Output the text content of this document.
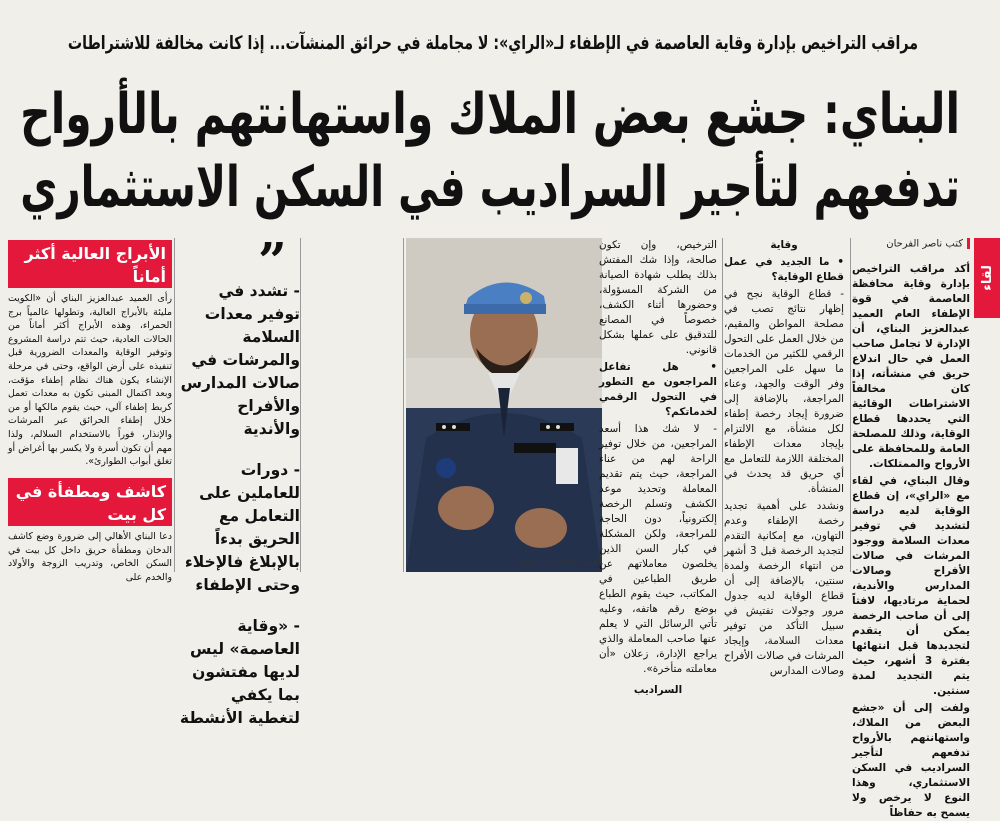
مراقب التراخيص بإدارة وقاية العاصمة في الإطفاء لـ«الراي»: لا مجاملة في حرائق المنشآت... إذا كانت مخالفة للاشتراطات
البناي: جشع بعض الملاك واستهانتهم بالأرواح
تدفعهم لتأجير السراديب في السكن الاستثماري
لقاء
كتب ناصر الفرحان

أكد مراقب التراخيص بإدارة وقاية محافظة العاصمة في قوة الإطفاء العام العميد عبدالعزيز البناي، أن الإدارة لا تجامل صاحب العمل في حال اندلاع حريق في منشأته، إذا كان مخالفاً الاشتراطات الوقائية التي يحددها قطاع الوقاية، وذلك للمصلحة العامة وللمحافظة على الأرواح والممتلكات.

وقال البناي، في لقاء مع «الراي»، إن قطاع الوقاية لديه دراسة لتشديد في توفير معدات السلامة ووجود المرشات في صالات الأفراح وصالات المدارس والأندية، لحماية مرتاديها، لافتاً إلى أن صاحب الرخصة يمكن أن يتقدم لتجديدها قبل انتهائها بفترة 3 أشهر، حيث يتم التجديد لمدة سنتين.

ولفت إلى أن «جشع البعض من الملاك، واستهانتهم بالأرواح تدفعهم لتأجير السراديب في السكن الاستثماري، وهذا النوع لا يرخص ولا يسمح به حفاظاً

وقاية

• ما الجديد في عمل قطاع الوقاية؟

- قطاع الوقاية نجح في إظهار نتائج تصب في مصلحة المواطن والمقيم، من خلال العمل على التحول الرقمي للكثير من الخدمات ما سهل على المراجعين وفر الوقت والجهد، وعناء المراجعة، بالإضافة إلى ضرورة إيجاد رخصة إطفاء لكل منشأة، مع الالتزام بإيجاد معدات الإطفاء المختلفة اللازمة للتعامل مع أي حريق قد يحدث في المنشأة.

ونشدد على أهمية تجديد رخصة الإطفاء وعدم التهاون، مع إمكانية التقدم لتجديد الرخصة قبل 3 أشهر من انتهاء الرخصة ولمدة سنتين، بالإضافة إلى أن قطاع الوقاية لديه جدول مرور وجولات تفتيش في سبيل التأكد من توفير معدات السلامة، وإيجاد المرشات في صالات الأفراح وصالات المدارس

العميد عبدالعزيز البناي

الترخيص، وإن تكون صالحة، وإذا شك المفتش بذلك يطلب شهادة الصيانة من الشركة المسؤولة، وحضورها أثناء الكشف، خصوصاً في المصانع للتدقيق على عملها بشكل قانوني.

• هل تفاعل المراجعون مع التطور في التحول الرقمي لخدماتكم؟

- لا شك هذا أسعد المراجعين، من خلال توفير الراحة لهم من عناء المراجعة، حيث يتم تقديم المعاملة وتحديد موعد الكشف وتسلم الرخصة إلكترونياً، دون الحاجة للمراجعة، ولكن المشكلة في كبار السن الذين يخلصون معاملاتهم عن طريق الطباعين في المكاتب، حيث يقوم الطباع بوضع رقم هاتفه، وعليه تأتي الرسائل التي لا يعلم عنها صاحب المعاملة والذي يراجع الإدارة، زعلان «أن معاملته متأخرة».

السراديب

”

- تشدد في توفير معدات السلامة والمرشات في صالات المدارس والأفراح والأندية

- دورات للعاملين على التعامل مع الحريق بدءاً بالإبلاغ فالإخلاء وحتى الإطفاء

- «وقاية العاصمة» ليس لديها مفتشون بما يكفي لتغطية الأنشطة

الأبراج العالية أكثر أماناً
رأى العميد عبدالعزيز البناي أن «الكويت مليئة بالأبراج العالية، وتطولها عالمياً برج الحمراء، وهذه الأبراج أكثر أماناً من الحالات العادية، حيث تتم دراسة المشروع وتوفير الوقاية والمعدات الضرورية قبل تنفيذه على أرض الواقع، وحتى في مرحلة الإنشاء يكون هناك نظام إطفاء مؤقت، وبعد اكتمال المبنى تكون به معدات تعمل كربط إطفاء آلي، حيث يقوم مالكها أو من خلال إطفاء الحرائق عبر المرشات والإنذار، فوراً بالاستخدام السلالم، ولذا مهم أن تكون أسرة ولا يكسر بها أغراض أو تغلق أبواب الطوارئ».
كاشف ومطفأة في كل بيت
دعا البناي الأهالي إلى ضرورة وضع كاشف الدخان ومطفأة حريق داخل كل بيت في السكن الخاص، وتدريب الزوجة والأولاد والخدم على
